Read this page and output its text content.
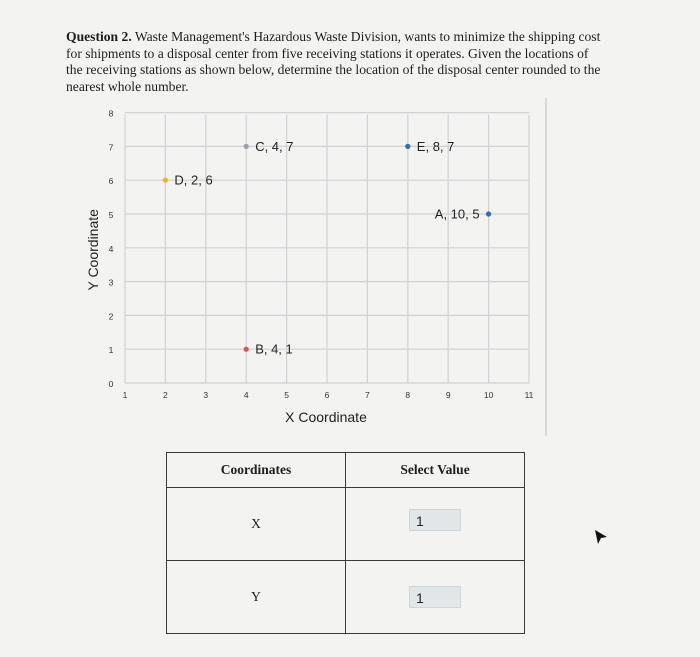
Question 2. Waste Management's Hazardous Waste Division, wants to minimize the shipping cost for shipments to a disposal center from five receiving stations it operates. Given the locations of the receiving stations as shown below, determine the location of the disposal center rounded to the nearest whole number.
0
1
2
3
4
5
6
7
8
1	2	3	4	5	6	7	8	9	10	11
X Coordinate
Y Coordinate	A, 10, 5
B, 4, 1
C, 4, 7
D, 2, 6
E, 8, 7
Coordinates	Select Value
X	1
Y	1
